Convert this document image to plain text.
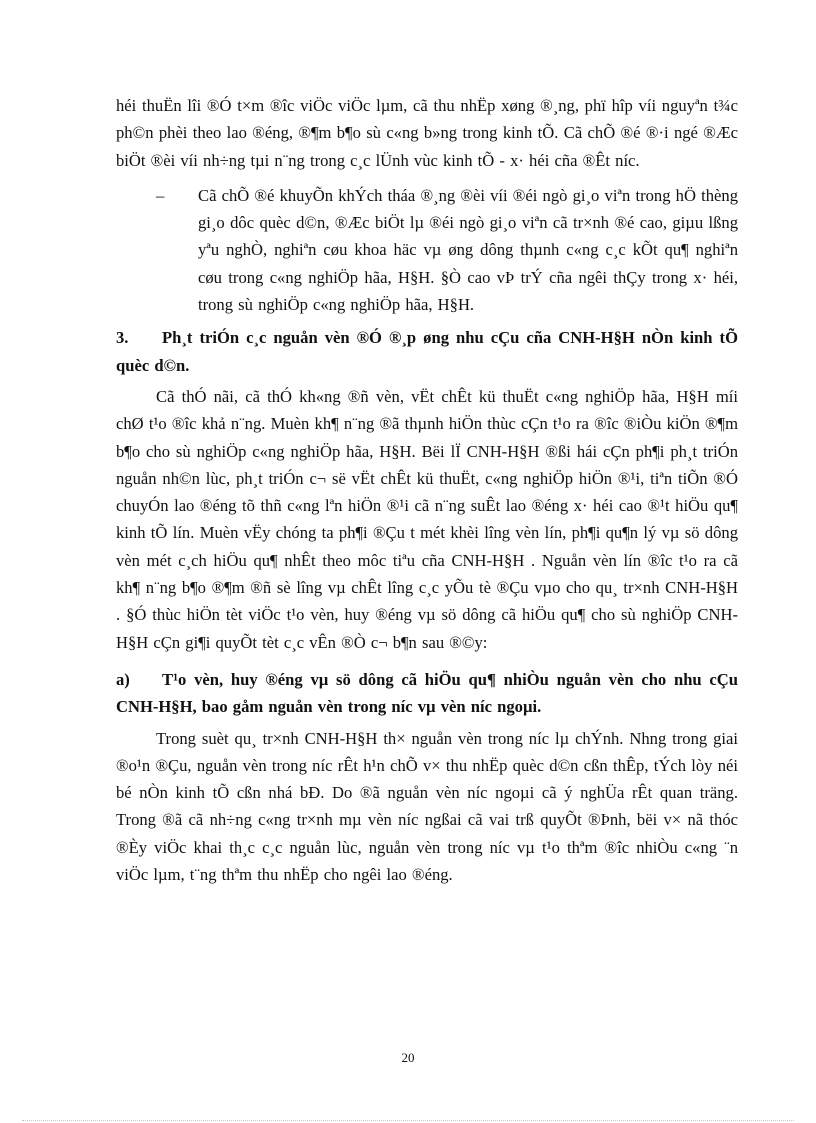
héi thuËn lîi ®Ó t×m ®îc viÖc viÖc lµm, cã thu nhËp xøng ®¸ng, phï hîp víi nguyªn t¾c ph©n phèi theo lao ®éng, ®¶m b¶o sù c«ng b»ng trong kinh tÕ. Cã chÕ ®é ®·i ngé ®Æc biÖt ®èi víi nh÷ng tµi n¨ng trong c¸c lÜnh vùc kinh tÕ - x· héi cña ®Êt níc.

–	Cã chÕ ®é khuyÕn khÝch tháa ®¸ng ®èi víi ®éi ngò gi¸o viªn trong hÖ thèng gi¸o dôc quèc d©n, ®Æc biÖt lµ ®éi ngò gi¸o viªn cã tr×nh ®é cao, giµu lßng yªu nghÒ, nghiªn cøu khoa häc vµ øng dông thµnh c«ng c¸c kÕt qu¶ nghiªn cøu trong c«ng nghiÖp hãa, H§H. §Ò cao vÞ trÝ cña ngêi thÇy trong x· héi, trong sù nghiÖp c«ng nghiÖp hãa, H§H.

3. Ph¸t triÓn c¸c nguån vèn ®Ó ®¸p øng nhu cÇu cña CNH-H§H nÒn kinh tÕ quèc d©n.

Cã thÓ nãi, cã thÓ kh«ng ®ñ vèn, vËt chÊt kü thuËt c«ng nghiÖp hãa, H§H míi chØ t¹o ®îc khả n¨ng. Muèn kh¶ n¨ng ®ã thµnh hiÖn thùc cÇn t¹o ra ®îc ®iÒu kiÖn ®¶m b¶o cho sù nghiÖp c«ng nghiÖp hãa, H§H. Bëi lÏ CNH-H§H ®ßi hái cÇn ph¶i ph¸t triÓn nguån nh©n lùc, ph¸t triÓn c¬ së vËt chÊt kü thuËt, c«ng nghiÖp hiÖn ®¹i, tiªn tiÕn ®Ó chuyÓn lao ®éng tõ thñ c«ng lªn hiÖn ®¹i cã n¨ng suÊt lao ®éng x· héi cao ®¹t hiÖu qu¶ kinh tÕ lín. Muèn vËy chóng ta ph¶i ®Çu t mét khèi lîng vèn lín, ph¶i qu¶n lý vµ sö dông vèn mét c¸ch hiÖu qu¶ nhÊt theo môc tiªu cña CNH-H§H . Nguån vèn lín ®îc t¹o ra cã kh¶ n¨ng b¶o ®¶m ®ñ sè lîng vµ chÊt lîng c¸c yÕu tè ®Çu vµo cho qu¸ tr×nh CNH-H§H . §Ó thùc hiÖn tèt viÖc t¹o vèn, huy ®éng vµ sö dông cã hiÖu qu¶ cho sù nghiÖp CNH-H§H cÇn gi¶i quyÕt tèt c¸c vÊn ®Ò c¬ b¶n sau ®©y:

a) T¹o vèn, huy ®éng vµ sö dông cã hiÖu qu¶ nhiÒu nguån vèn cho nhu cÇu CNH-H§H, bao gåm nguån vèn trong níc vµ vèn níc ngoµi.

Trong suèt qu¸ tr×nh CNH-H§H th× nguån vèn trong níc lµ chÝnh. Nhng trong giai ®o¹n ®Çu, nguån vèn trong níc rÊt h¹n chÕ v× thu nhËp quèc d©n cßn thÊp, tÝch lòy néi bé nÒn kinh tÕ cßn nhá bÐ. Do ®ã nguån vèn níc ngoµi cã ý nghÜa rÊt quan träng. Trong ®ã cã nh÷ng c«ng tr×nh mµ vèn níc ngßai cã vai trß quyÕt ®Þnh, bëi v× nã thóc ®Èy viÖc khai th¸c c¸c nguån lùc, nguån vèn trong níc vµ t¹o thªm ®îc nhiÒu c«ng ¨n viÖc lµm, t¨ng thªm thu nhËp cho ngêi lao ®éng.

20
